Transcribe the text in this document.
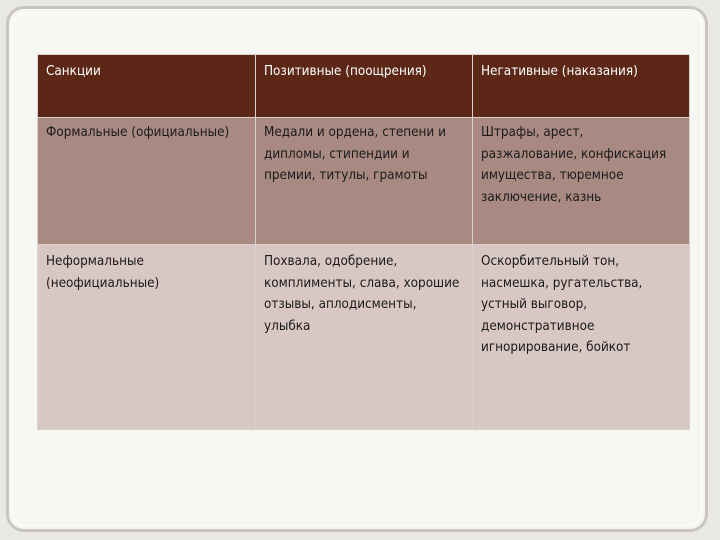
Санкции	Позитивные (поощрения)	Негативные (наказания)
Формальные (официальные)	Медали и ордена, степени и дипломы, стипендии и премии, титулы, грамоты	Штрафы, арест, разжалование, конфискация имущества, тюремное заключение, казнь
Неформальные (неофициальные)	Похвала, одобрение, комплименты, слава, хорошие отзывы, аплодисменты, улыбка	Оскорбительный тон, насмешка, ругательства, устный выговор, демонстративное игнорирование, бойкот
